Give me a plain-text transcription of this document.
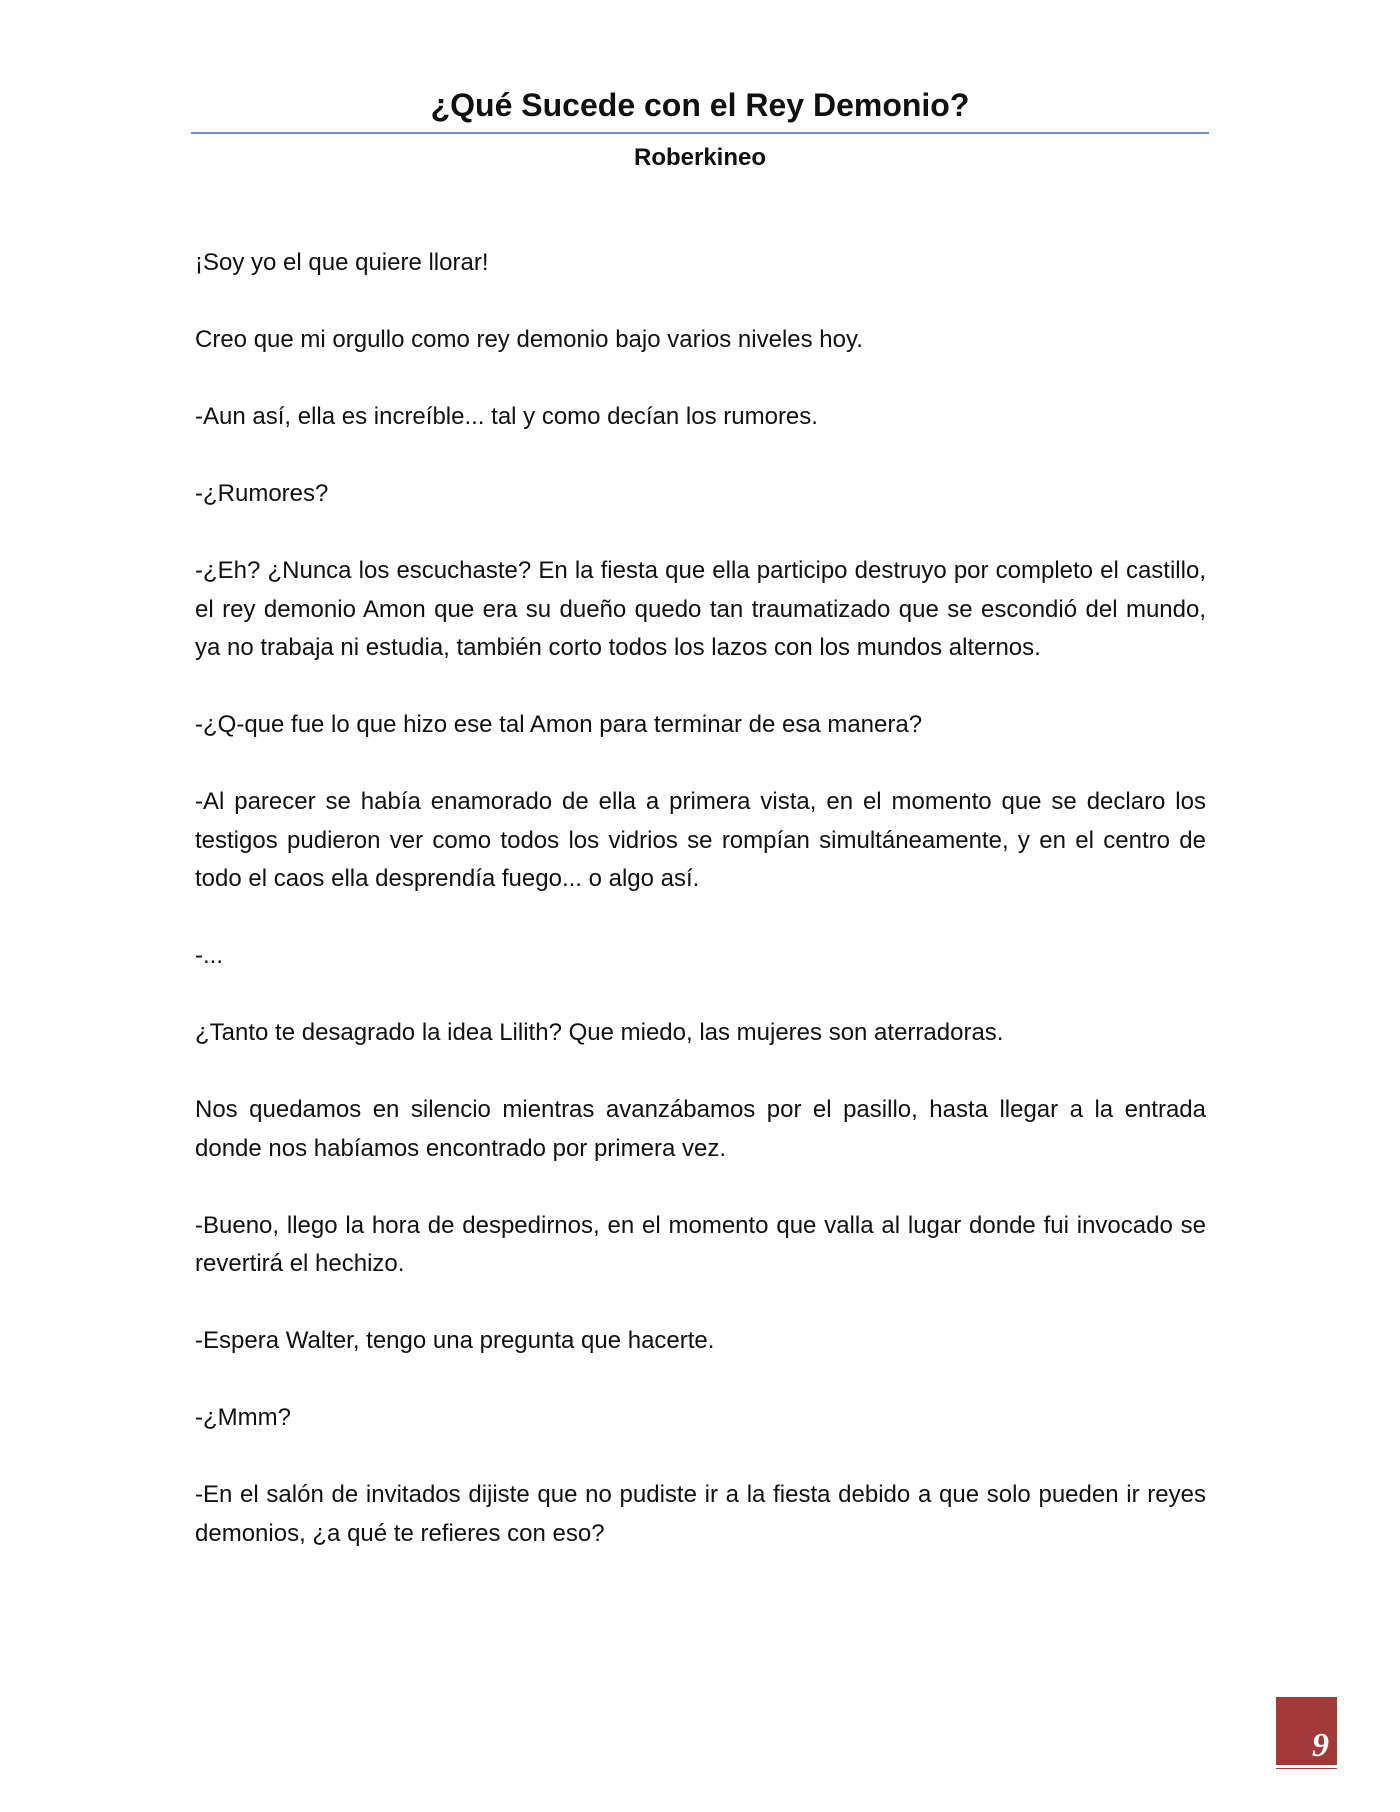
¿Qué Sucede con el Rey Demonio?
Roberkineo

¡Soy yo el que quiere llorar!

Creo que mi orgullo como rey demonio bajo varios niveles hoy.

-Aun así, ella es increíble... tal y como decían los rumores.

-¿Rumores?

-¿Eh? ¿Nunca los escuchaste? En la fiesta que ella participo destruyo por completo el castillo, el rey demonio Amon que era su dueño quedo tan traumatizado que se escondió del mundo, ya no trabaja ni estudia, también corto todos los lazos con los mundos alternos.

-¿Q-que fue lo que hizo ese tal Amon para terminar de esa manera?

-Al parecer se había enamorado de ella a primera vista, en el momento que se declaro los testigos pudieron ver como todos los vidrios se rompían simultáneamente, y en el centro de todo el caos ella desprendía fuego... o algo así.

-...

¿Tanto te desagrado la idea Lilith? Que miedo, las mujeres son aterradoras.

Nos quedamos en silencio mientras avanzábamos por el pasillo, hasta llegar a la entrada donde nos habíamos encontrado por primera vez.

-Bueno, llego la hora de despedirnos, en el momento que valla al lugar donde fui invocado se revertirá el hechizo.

-Espera Walter, tengo una pregunta que hacerte.

-¿Mmm?

-En el salón de invitados dijiste que no pudiste ir a la fiesta debido a que solo pueden ir reyes demonios, ¿a qué te refieres con eso?

9
